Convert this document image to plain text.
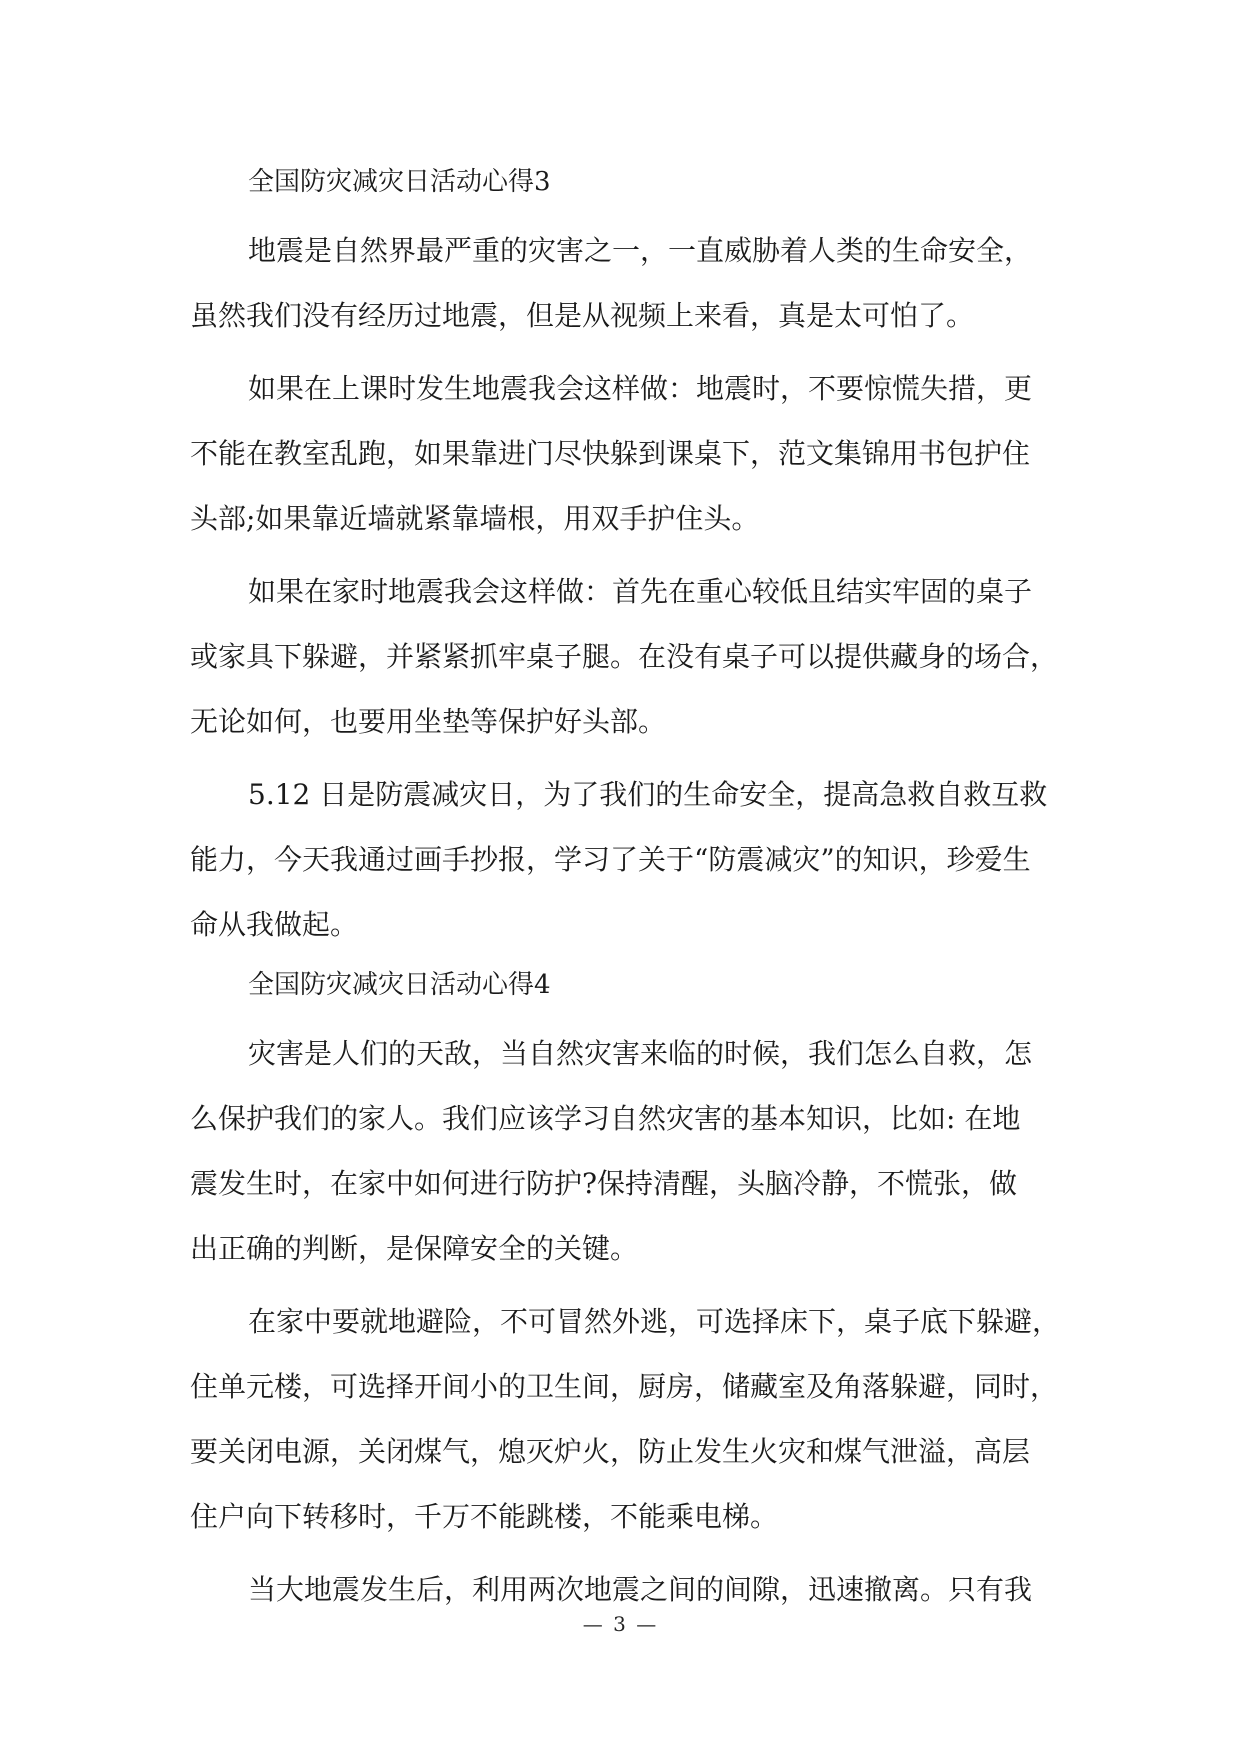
全国防灾减灾日活动心得3
地震是自然界最严重的灾害之一，一直威胁着人类的生命安全，
虽然我们没有经历过地震，但是从视频上来看，真是太可怕了。
如果在上课时发生地震我会这样做：地震时，不要惊慌失措，更
不能在教室乱跑，如果靠进门尽快躲到课桌下，范文集锦用书包护住
头部;如果靠近墙就紧靠墙根，用双手护住头。
如果在家时地震我会这样做：首先在重心较低且结实牢固的桌子
或家具下躲避，并紧紧抓牢桌子腿。在没有桌子可以提供藏身的场合，
无论如何，也要用坐垫等保护好头部。
5.12 日是防震减灾日，为了我们的生命安全，提高急救自救互救
能力，今天我通过画手抄报，学习了关于“防震减灾”的知识，珍爱生
命从我做起。
全国防灾减灾日活动心得4
灾害是人们的天敌，当自然灾害来临的时候，我们怎么自救，怎
么保护我们的家人。我们应该学习自然灾害的基本知识，比如: 在地
震发生时，在家中如何进行防护?保持清醒，头脑冷静，不慌张，做
出正确的判断，是保障安全的关键。
在家中要就地避险，不可冒然外逃，可选择床下，桌子底下躲避，
住单元楼，可选择开间小的卫生间，厨房，储藏室及角落躲避，同时，
要关闭电源，关闭煤气，熄灭炉火，防止发生火灾和煤气泄溢，高层
住户向下转移时，千万不能跳楼，不能乘电梯。
当大地震发生后，利用两次地震之间的间隙，迅速撤离。只有我
— 3 —
